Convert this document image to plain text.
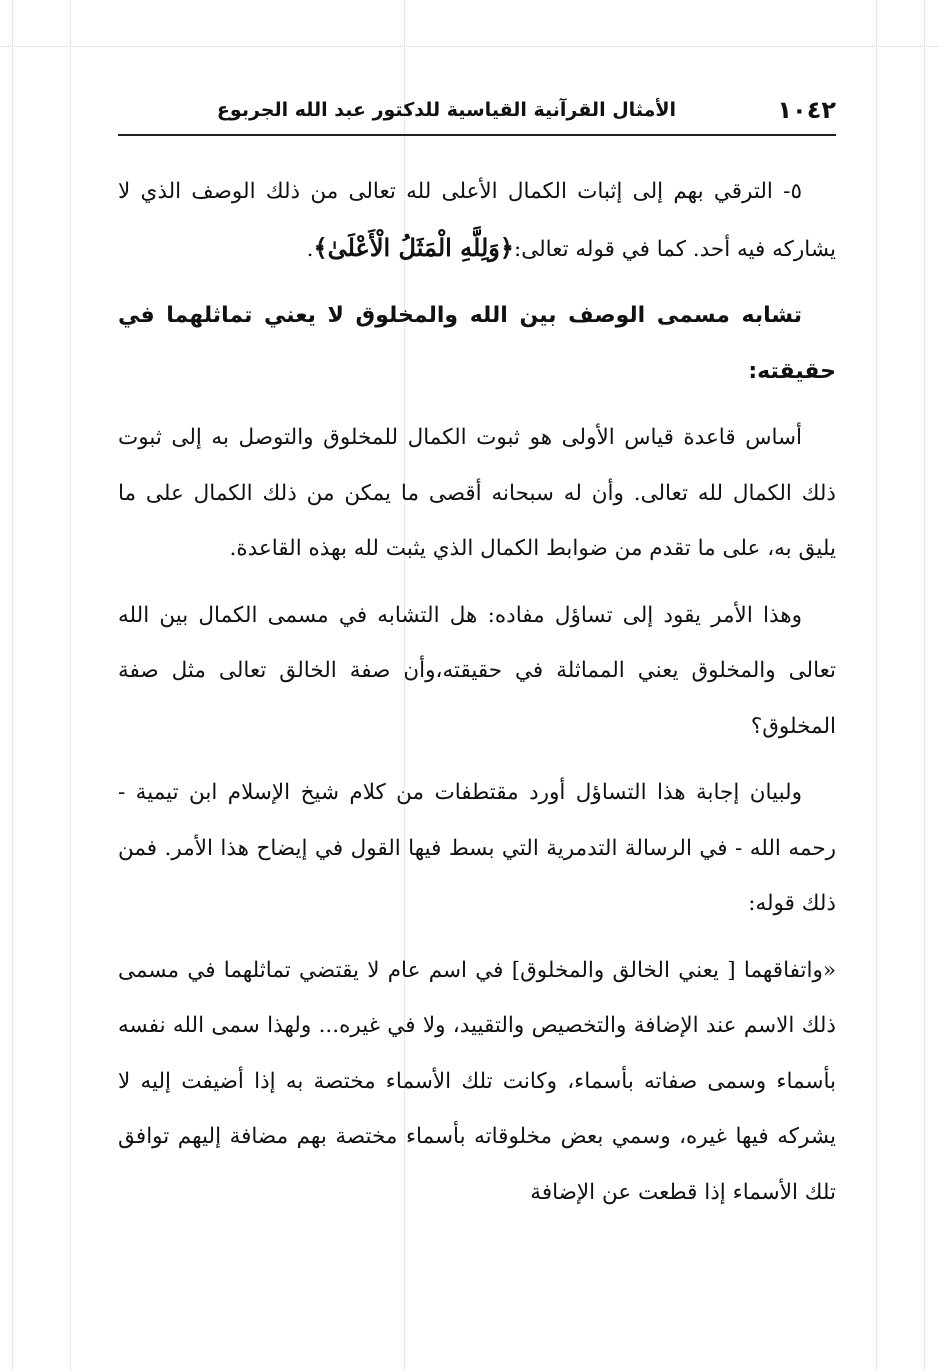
١٠٤٢
الأمثال القرآنية القياسية للدكتور عبد الله الجربوع

٥- الترقي بهم إلى إثبات الكمال الأعلى لله تعالى من ذلك الوصف الذي لا يشاركه فيه أحد. كما في قوله تعالى:﴿وَلِلَّهِ الْمَثَلُ الْأَعْلَىٰ﴾.

تشابه مسمى الوصف بين الله والمخلوق لا يعني تماثلهما في حقيقته:

أساس قاعدة قياس الأولى هو ثبوت الكمال للمخلوق والتوصل به إلى ثبوت ذلك الكمال لله تعالى. وأن له سبحانه أقصى ما يمكن من ذلك الكمال على ما يليق به، على ما تقدم من ضوابط الكمال الذي يثبت لله بهذه القاعدة.

وهذا الأمر يقود إلى تساؤل مفاده: هل التشابه في مسمى الكمال بين الله تعالى والمخلوق يعني المماثلة في حقيقته،وأن صفة الخالق تعالى مثل صفة المخلوق؟

ولبيان إجابة هذا التساؤل أورد مقتطفات من كلام شيخ الإسلام ابن تيمية - رحمه الله - في الرسالة التدمرية التي بسط فيها القول في إيضاح هذا الأمر. فمن ذلك قوله:

«واتفاقهما [ يعني الخالق والمخلوق] في اسم عام لا يقتضي تماثلهما في مسمى ذلك الاسم عند الإضافة والتخصيص والتقييد، ولا في غيره... ولهذا سمى الله نفسه بأسماء وسمى صفاته بأسماء، وكانت تلك الأسماء مختصة به إذا أضيفت إليه لا يشركه فيها غيره، وسمي بعض مخلوقاته بأسماء مختصة بهم مضافة إليهم توافق تلك الأسماء إذا قطعت عن الإضافة
